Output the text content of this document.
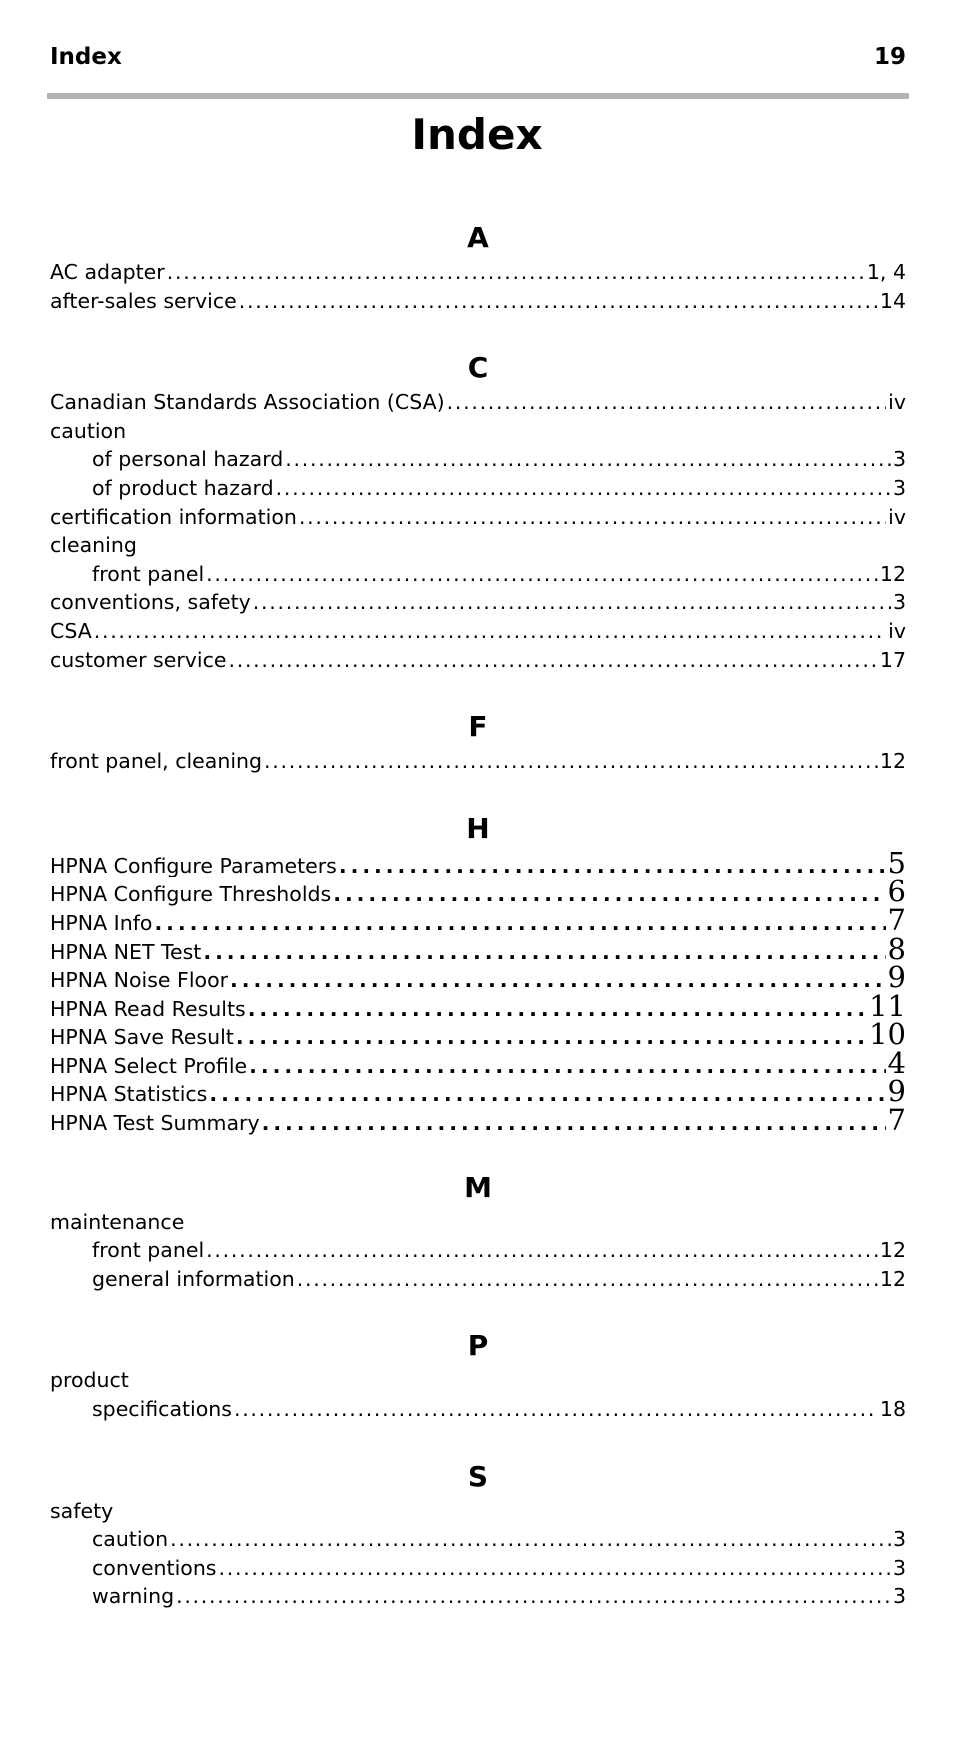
Index	19
Index
A
AC adapter . . .	1, 4
after-sales service . . .	14
C
Canadian Standards Association (CSA) . . .	iv
caution
of personal hazard . . .	3
of product hazard . . .	3
certification information . . .	iv
cleaning
front panel . . .	12
conventions, safety . . .	3
CSA . . .	iv
customer service . . .	17
F
front panel, cleaning . . .	12
H
HPNA Configure Parameters . . .	5
HPNA Configure Thresholds . . .	6
HPNA Info . . .	7
HPNA NET Test . . .	8
HPNA Noise Floor . . .	9
HPNA Read Results . . .	11
HPNA Save Result . . .	10
HPNA Select Profile . . .	4
HPNA Statistics . . .	9
HPNA Test Summary . . .	7
M
maintenance
front panel . . .	12
general information . . .	12
P
product
specifications . . .	18
S
safety
caution . . .	3
conventions . . .	3
warning . . .	3
